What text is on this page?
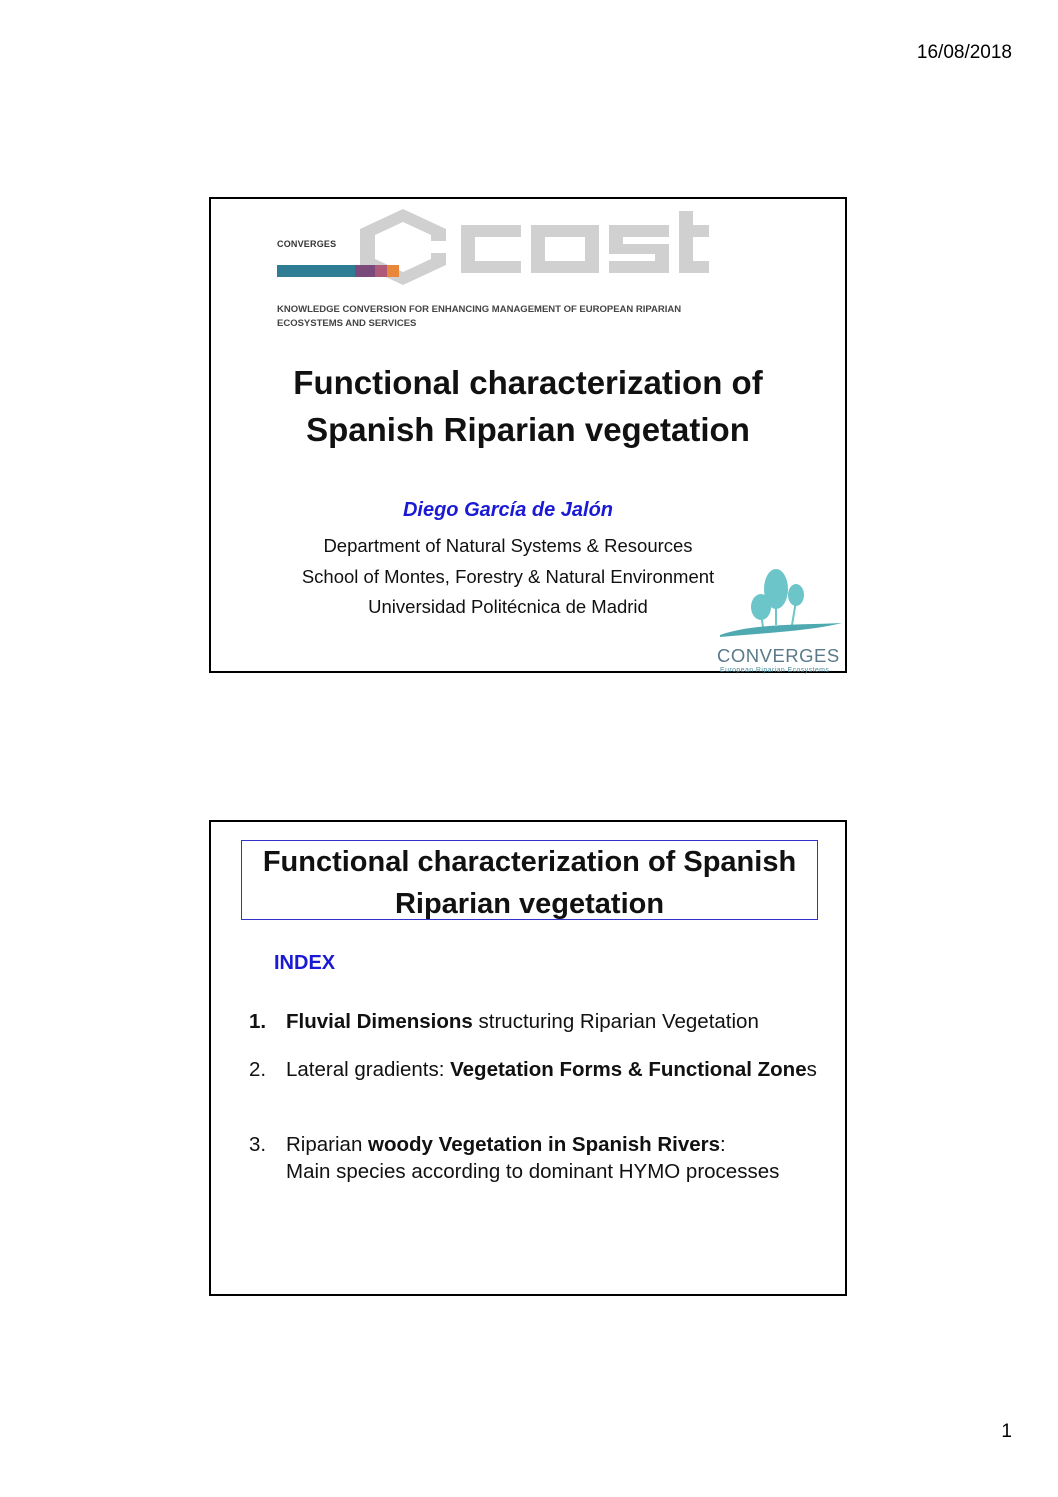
16/08/2018
CONVERGES
KNOWLEDGE CONVERSION FOR ENHANCING MANAGEMENT OF EUROPEAN RIPARIAN ECOSYSTEMS AND SERVICES
Functional characterization of
Spanish Riparian vegetation
Diego García de Jalón
Department of Natural Systems & Resources
School of Montes, Forestry & Natural Environment
Universidad Politécnica de Madrid
CONVERGES
European Riparian Ecosystems
Functional characterization of Spanish
Riparian vegetation
INDEX
1. Fluvial Dimensions structuring Riparian Vegetation
2. Lateral gradients: Vegetation Forms & Functional Zones
3. Riparian woody Vegetation in Spanish Rivers:
Main species according to dominant HYMO processes
1
